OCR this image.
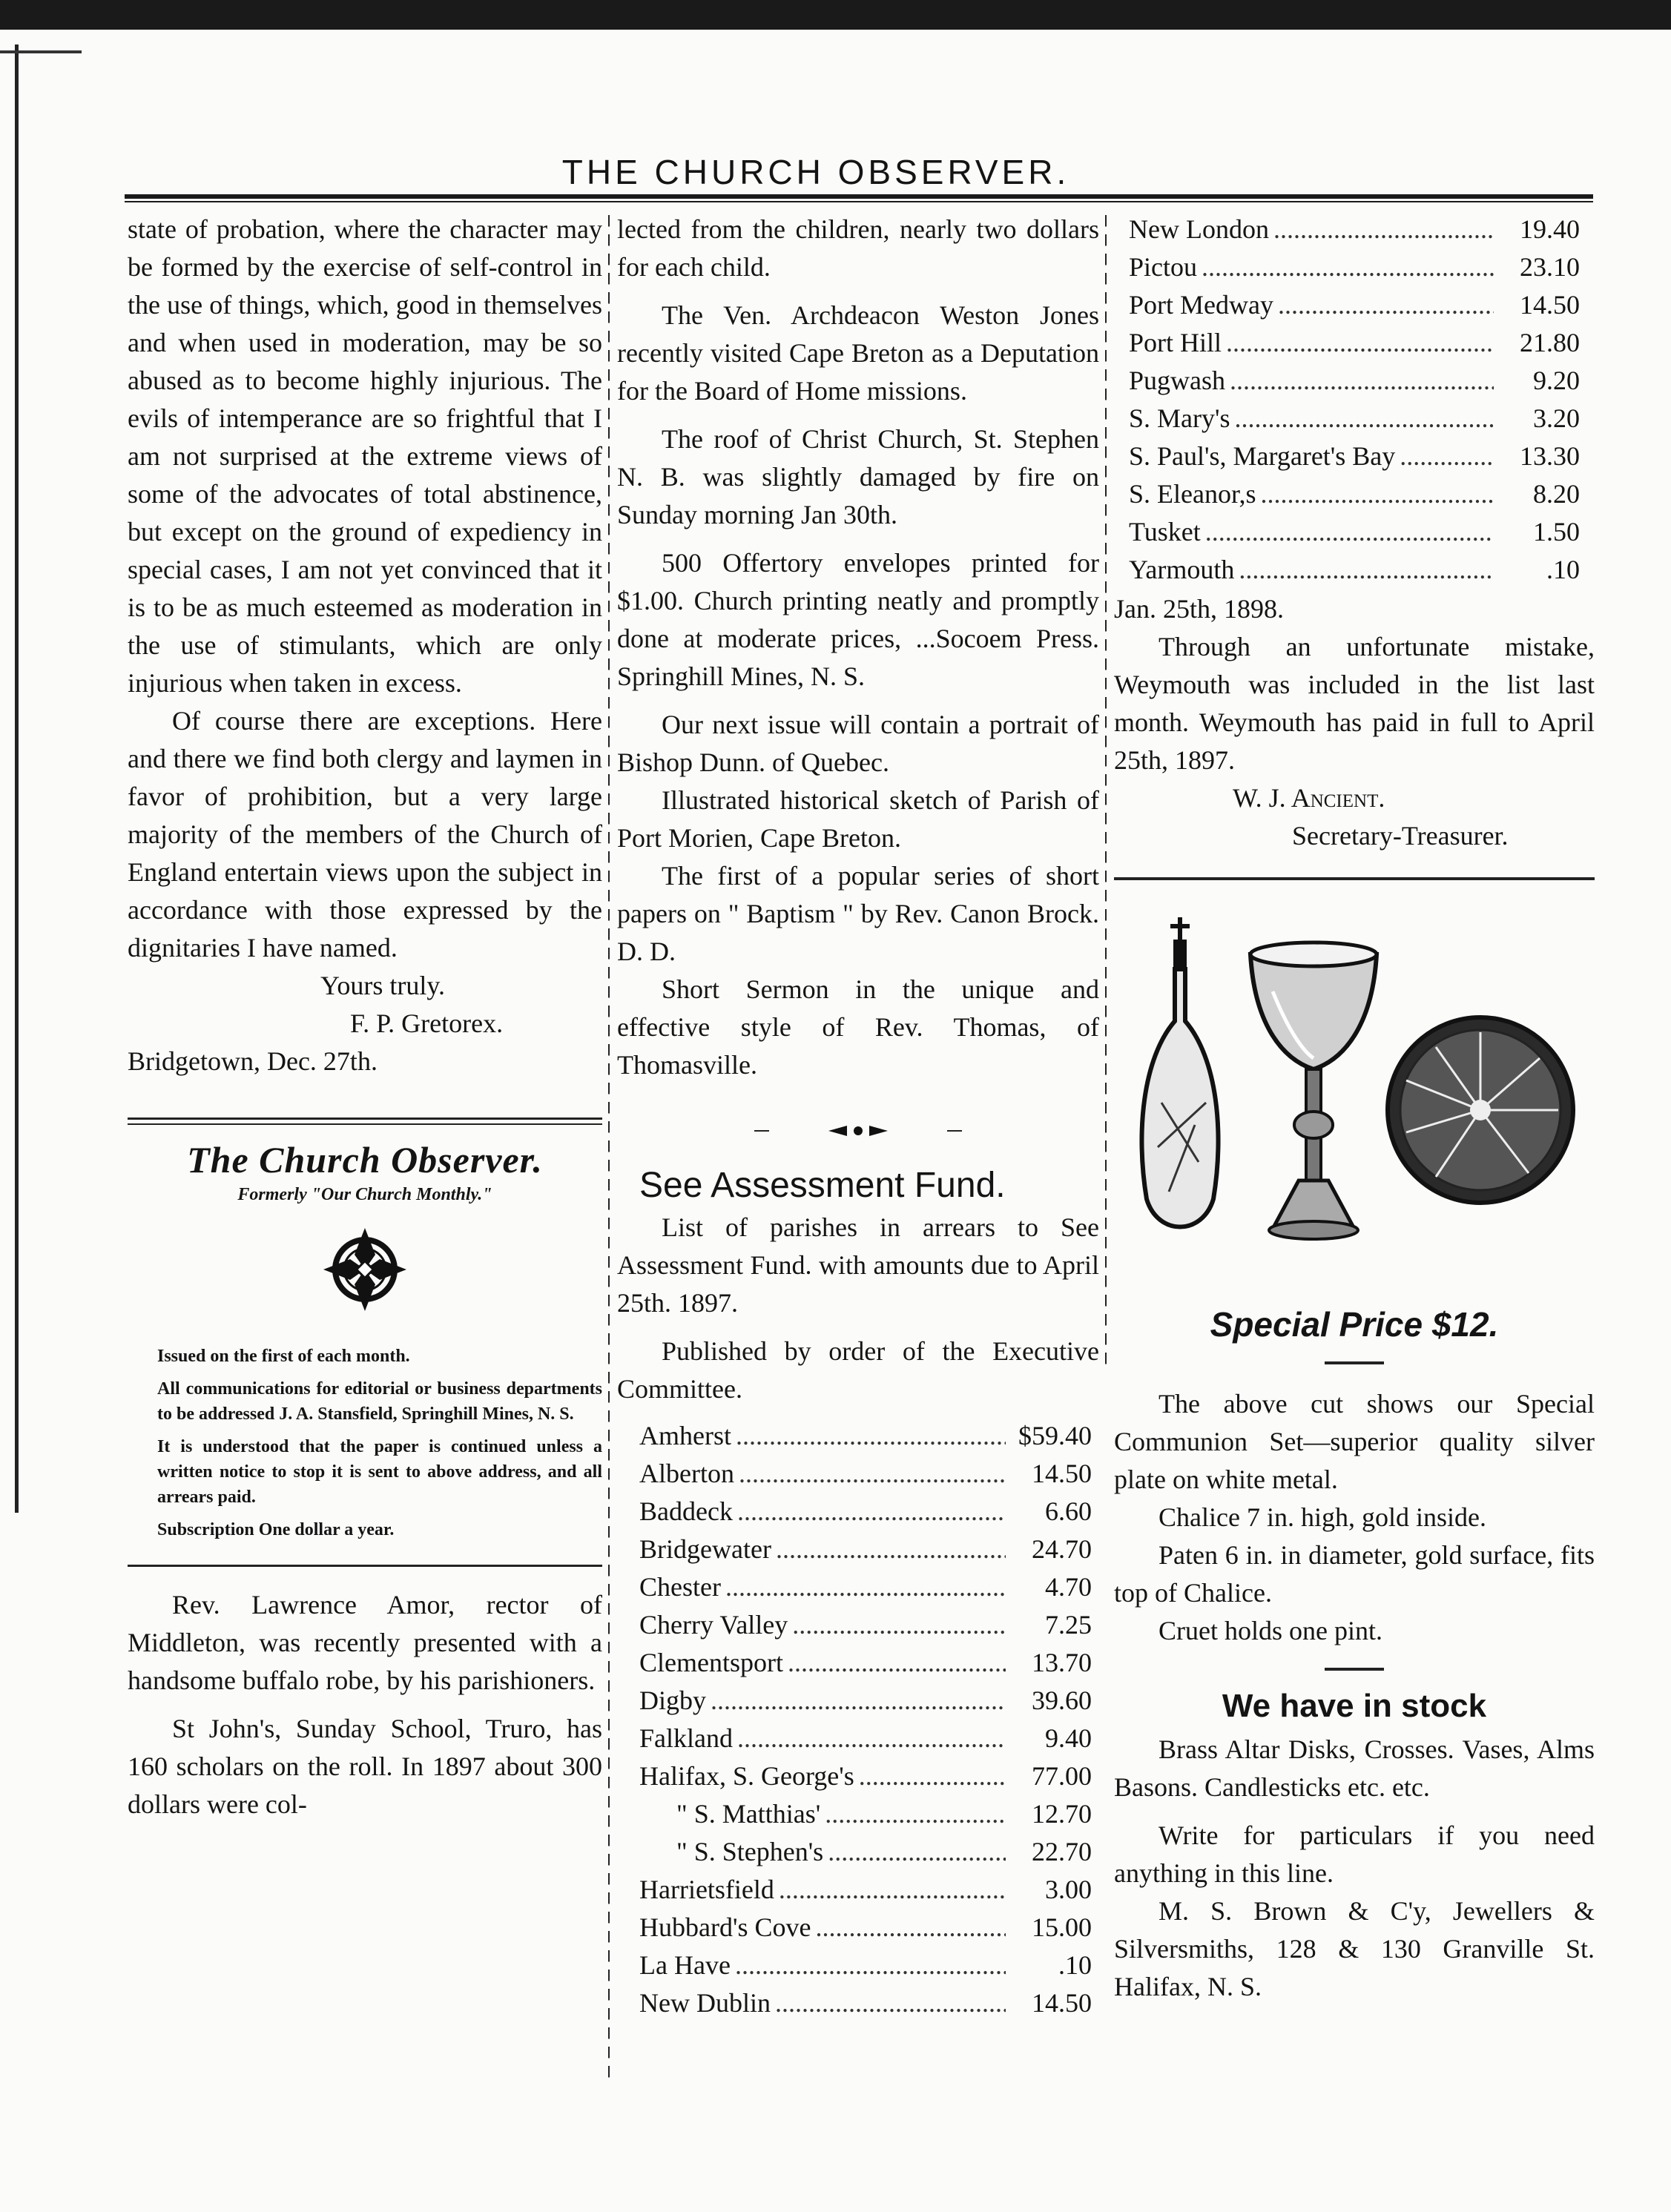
THE CHURCH OBSERVER.

state of probation, where the character may be formed by the exercise of self-control in the use of things, which, good in themselves and when used in moderation, may be so abused as to become highly injurious. The evils of intemperance are so frightful that I am not surprised at the extreme views of some of the advocates of total abstinence, but except on the ground of expediency in special cases, I am not yet convinced that it is to be as much esteemed as moderation in the use of stimulants, which are only injurious when taken in excess.

Of course there are exceptions. Here and there we find both clergy and laymen in favor of prohibition, but a very large majority of the members of the Church of England entertain views upon the subject in accordance with those expressed by the dignitaries I have named.

Yours truly.
F. P. Gretorex.
Bridgetown, Dec. 27th.
The Church Observer.
Formerly "Our Church Monthly."
Issued on the first of each month.
All communications for editorial or business departments to be addressed J. A. Stansfield, Springhill Mines, N. S.
It is understood that the paper is continued unless a written notice to stop it is sent to above address, and all arrears paid.
Subscription One dollar a year.

Rev. Lawrence Amor, rector of Middleton, was recently presented with a handsome buffalo robe, by his parishioners.

St John's, Sunday School, Truro, has 160 scholars on the roll. In 1897 about 300 dollars were col-

lected from the children, nearly two dollars for each child.

The Ven. Archdeacon Weston Jones recently visited Cape Breton as a Deputation for the Board of Home missions.

The roof of Christ Church, St. Stephen N. B. was slightly damaged by fire on Sunday morning Jan 30th.

500 Offertory envelopes printed for $1.00. Church printing neatly and promptly done at moderate prices, ...Socoem Press. Springhill Mines, N. S.

Our next issue will contain a portrait of Bishop Dunn. of Quebec.

Illustrated historical sketch of Parish of Port Morien, Cape Breton.

The first of a popular series of short papers on " Baptism " by Rev. Canon Brock. D. D.

Short Sermon in the unique and effective style of Rev. Thomas, of Thomasville.

See Assessment Fund.

List of parishes in arrears to See Assessment Fund. with amounts due to April 25th. 1897.

Published by order of the Executive Committee.

Amherst .....	$59.40
Alberton .....	14.50
Baddeck .....	6.60
Bridgewater .....	24.70
Chester .....	4.70
Cherry Valley .....	7.25
Clementsport .....	13.70
Digby .....	39.60
Falkland .....	9.40
Halifax, S. George's .....	77.00
" S. Matthias' .....	12.70
" S. Stephen's .....	22.70
Harrietsfield .....	3.00
Hubbard's Cove .....	15.00
La Have .....	.10
New Dublin .....	14.50
New London .....	19.40
Pictou .....	23.10
Port Medway .....	14.50
Port Hill .....	21.80
Pugwash .....	9.20
S. Mary's .....	3.20
S. Paul's, Margaret's Bay .....	13.30
S. Eleanor,s .....	8.20
Tusket .....	1.50
Yarmouth .....	.10
Jan. 25th, 1898.

Through an unfortunate mistake, Weymouth was included in the list last month. Weymouth has paid in full to April 25th, 1897.

W. J. Ancient.
Secretary-Treasurer.
Special Price $12.

The above cut shows our Special Communion Set—superior quality silver plate on white metal.

Chalice 7 in. high, gold inside.

Paten 6 in. in diameter, gold surface, fits top of Chalice.

Cruet holds one pint.

We have in stock

Brass Altar Disks, Crosses. Vases, Alms Basons. Candlesticks etc. etc.

Write for particulars if you need anything in this line.

M. S. Brown & C'y, Jewellers & Silversmiths, 128 & 130 Granville St. Halifax, N. S.
